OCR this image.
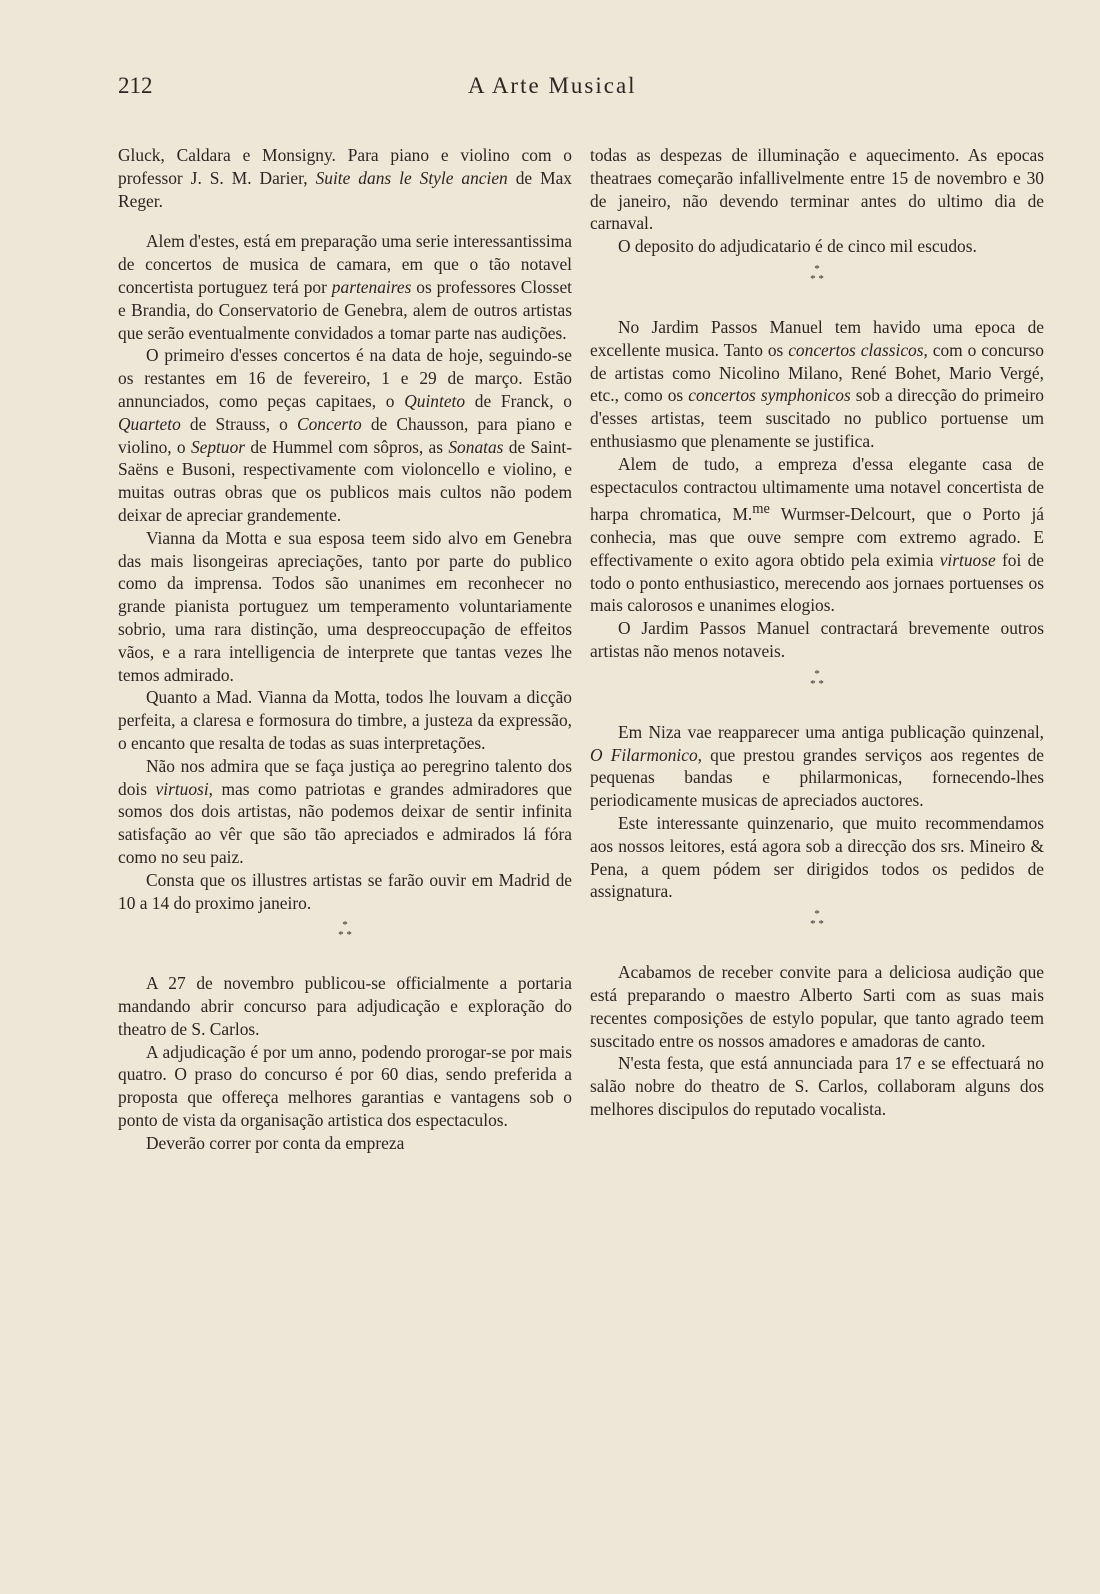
212	A Arte Musical

Gluck, Caldara e Monsigny. Para piano e violino com o professor J. S. M. Darier, Suite dans le Style ancien de Max Reger.

Alem d'estes, está em preparação uma serie interessantissima de concertos de musica de camara, em que o tão notavel concertista portuguez terá por partenaires os professores Closset e Brandia, do Conservatorio de Genebra, alem de outros artistas que serão eventualmente convidados a tomar parte nas audições.

O primeiro d'esses concertos é na data de hoje, seguindo-se os restantes em 16 de fevereiro, 1 e 29 de março. Estão annunciados, como peças capitaes, o Quinteto de Franck, o Quarteto de Strauss, o Concerto de Chausson, para piano e violino, o Septuor de Hummel com sôpros, as Sonatas de Saint-Saëns e Busoni, respectivamente com violoncello e violino, e muitas outras obras que os publicos mais cultos não podem deixar de apreciar grandemente.

Vianna da Motta e sua esposa teem sido alvo em Genebra das mais lisongeiras apreciações, tanto por parte do publico como da imprensa. Todos são unanimes em reconhecer no grande pianista portuguez um temperamento voluntariamente sobrio, uma rara distinção, uma despreoccupação de effeitos vãos, e a rara intelligencia de interprete que tantas vezes lhe temos admirado.

Quanto a Mad. Vianna da Motta, todos lhe louvam a dicção perfeita, a claresa e formosura do timbre, a justeza da expressão, o encanto que resalta de todas as suas interpretações.

Não nos admira que se faça justiça ao peregrino talento dos dois virtuosi, mas como patriotas e grandes admiradores que somos dos dois artistas, não podemos deixar de sentir infinita satisfação ao vêr que são tão apreciados e admirados lá fóra como no seu paiz.

Consta que os illustres artistas se farão ouvir em Madrid de 10 a 14 do proximo janeiro.

*
* *

A 27 de novembro publicou-se officialmente a portaria mandando abrir concurso para adjudicação e exploração do theatro de S. Carlos.

A adjudicação é por um anno, podendo prorogar-se por mais quatro. O praso do concurso é por 60 dias, sendo preferida a proposta que offereça melhores garantias e vantagens sob o ponto de vista da organisação artistica dos espectaculos.

Deverão correr por conta da empreza

todas as despezas de illuminação e aquecimento. As epocas theatraes começarão infallivelmente entre 15 de novembro e 30 de janeiro, não devendo terminar antes do ultimo dia de carnaval.

O deposito do adjudicatario é de cinco mil escudos.

*
* *

No Jardim Passos Manuel tem havido uma epoca de excellente musica. Tanto os concertos classicos, com o concurso de artistas como Nicolino Milano, René Bohet, Mario Vergé, etc., como os concertos symphonicos sob a direcção do primeiro d'esses artistas, teem suscitado no publico portuense um enthusiasmo que plenamente se justifica.

Alem de tudo, a empreza d'essa elegante casa de espectaculos contractou ultimamente uma notavel concertista de harpa chromatica, M.$^{me}$ Wurmser-Delcourt, que o Porto já conhecia, mas que ouve sempre com extremo agrado. E effectivamente o exito agora obtido pela eximia virtuose foi de todo o ponto enthusiastico, merecendo aos jornaes portuenses os mais calorosos e unanimes elogios.

O Jardim Passos Manuel contractará brevemente outros artistas não menos notaveis.

*
* *

Em Niza vae reapparecer uma antiga publicação quinzenal, O Filarmonico, que prestou grandes serviços aos regentes de pequenas bandas e philarmonicas, fornecendo-lhes periodicamente musicas de apreciados auctores.

Este interessante quinzenario, que muito recommendamos aos nossos leitores, está agora sob a direcção dos srs. Mineiro & Pena, a quem pódem ser dirigidos todos os pedidos de assignatura.

*
* *

Acabamos de receber convite para a deliciosa audição que está preparando o maestro Alberto Sarti com as suas mais recentes composições de estylo popular, que tanto agrado teem suscitado entre os nossos amadores e amadoras de canto.

N'esta festa, que está annunciada para 17 e se effectuará no salão nobre do theatro de S. Carlos, collaboram alguns dos melhores discipulos do reputado vocalista.
